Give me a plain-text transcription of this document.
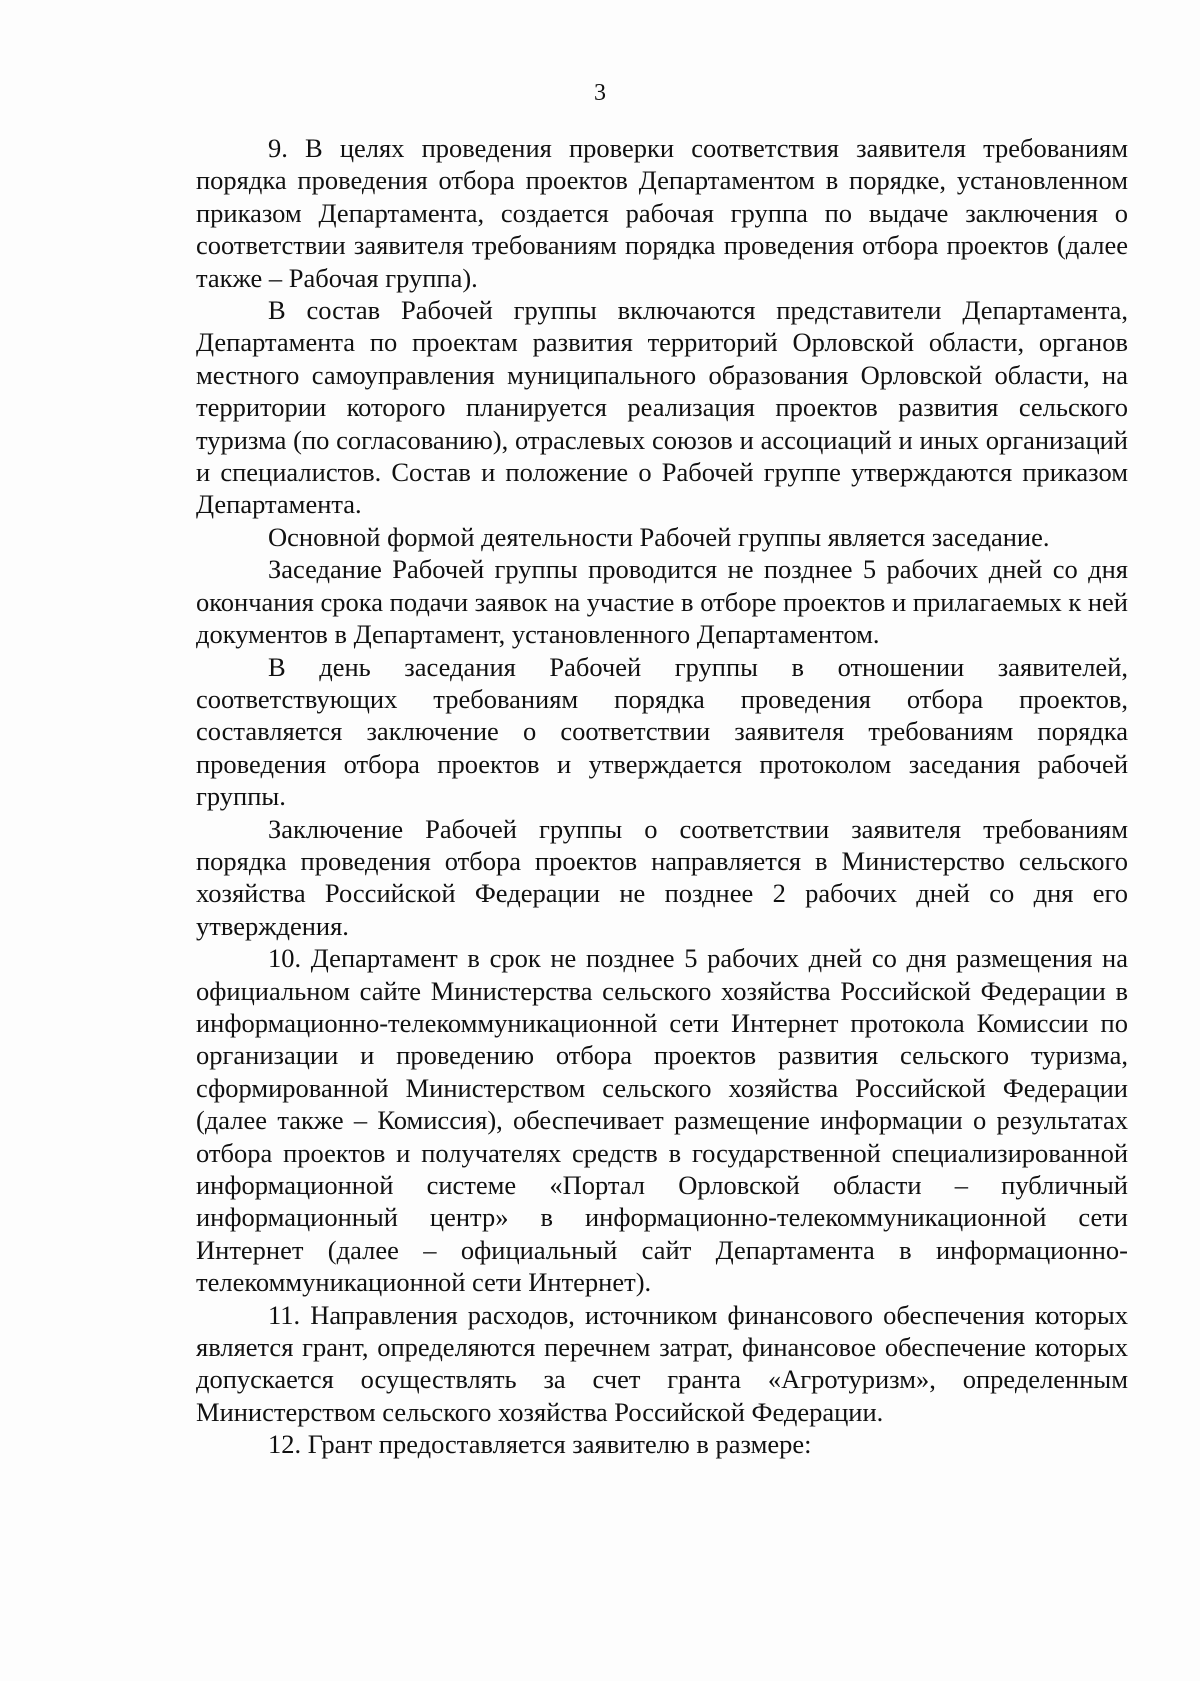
3

9. В целях проведения проверки соответствия заявителя требованиям порядка проведения отбора проектов Департаментом в порядке, установленном приказом Департамента, создается рабочая группа по выдаче заключения о соответствии заявителя требованиям порядка проведения отбора проектов (далее также – Рабочая группа).

В состав Рабочей группы включаются представители Департамента, Департамента по проектам развития территорий Орловской области, органов местного самоуправления муниципального образования Орловской области, на территории которого планируется реализация проектов развития сельского туризма (по согласованию), отраслевых союзов и ассоциаций и иных организаций и специалистов. Состав и положение о Рабочей группе утверждаются приказом Департамента.

Основной формой деятельности Рабочей группы является заседание.

Заседание Рабочей группы проводится не позднее 5 рабочих дней со дня окончания срока подачи заявок на участие в отборе проектов и прилагаемых к ней документов в Департамент, установленного Департаментом.

В день заседания Рабочей группы в отношении заявителей, соответствующих требованиям порядка проведения отбора проектов, составляется заключение о соответствии заявителя требованиям порядка проведения отбора проектов и утверждается протоколом заседания рабочей группы.

Заключение Рабочей группы о соответствии заявителя требованиям порядка проведения отбора проектов направляется в Министерство сельского хозяйства Российской Федерации не позднее 2 рабочих дней со дня его утверждения.

10. Департамент в срок не позднее 5 рабочих дней со дня размещения на официальном сайте Министерства сельского хозяйства Российской Федерации в информационно-телекоммуникационной сети Интернет протокола Комиссии по организации и проведению отбора проектов развития сельского туризма, сформированной Министерством сельского хозяйства Российской Федерации (далее также – Комиссия), обеспечивает размещение информации о результатах отбора проектов и получателях средств в государственной специализированной информационной системе «Портал Орловской области – публичный информационный центр» в информационно-телекоммуникационной сети Интернет (далее – официальный сайт Департамента в информационно-телекоммуникационной сети Интернет).

11. Направления расходов, источником финансового обеспечения которых является грант, определяются перечнем затрат, финансовое обеспечение которых допускается осуществлять за счет гранта «Агротуризм», определенным Министерством сельского хозяйства Российской Федерации.

12. Грант предоставляется заявителю в размере:
